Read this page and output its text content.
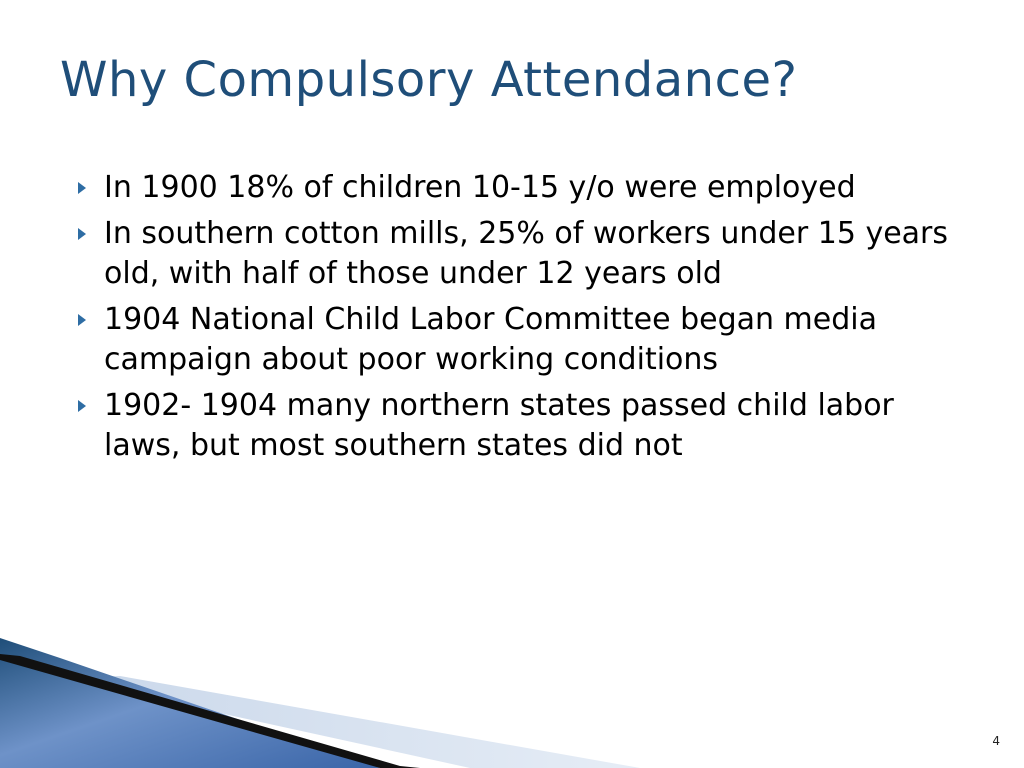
Why Compulsory Attendance?
In 1900 18% of children 10-15 y/o were employed
In southern cotton mills, 25% of workers under 15 years old, with half of those under 12 years old
1904 National Child Labor Committee began media campaign about poor working conditions
1902- 1904 many northern states passed child labor laws, but most southern states did not
4
